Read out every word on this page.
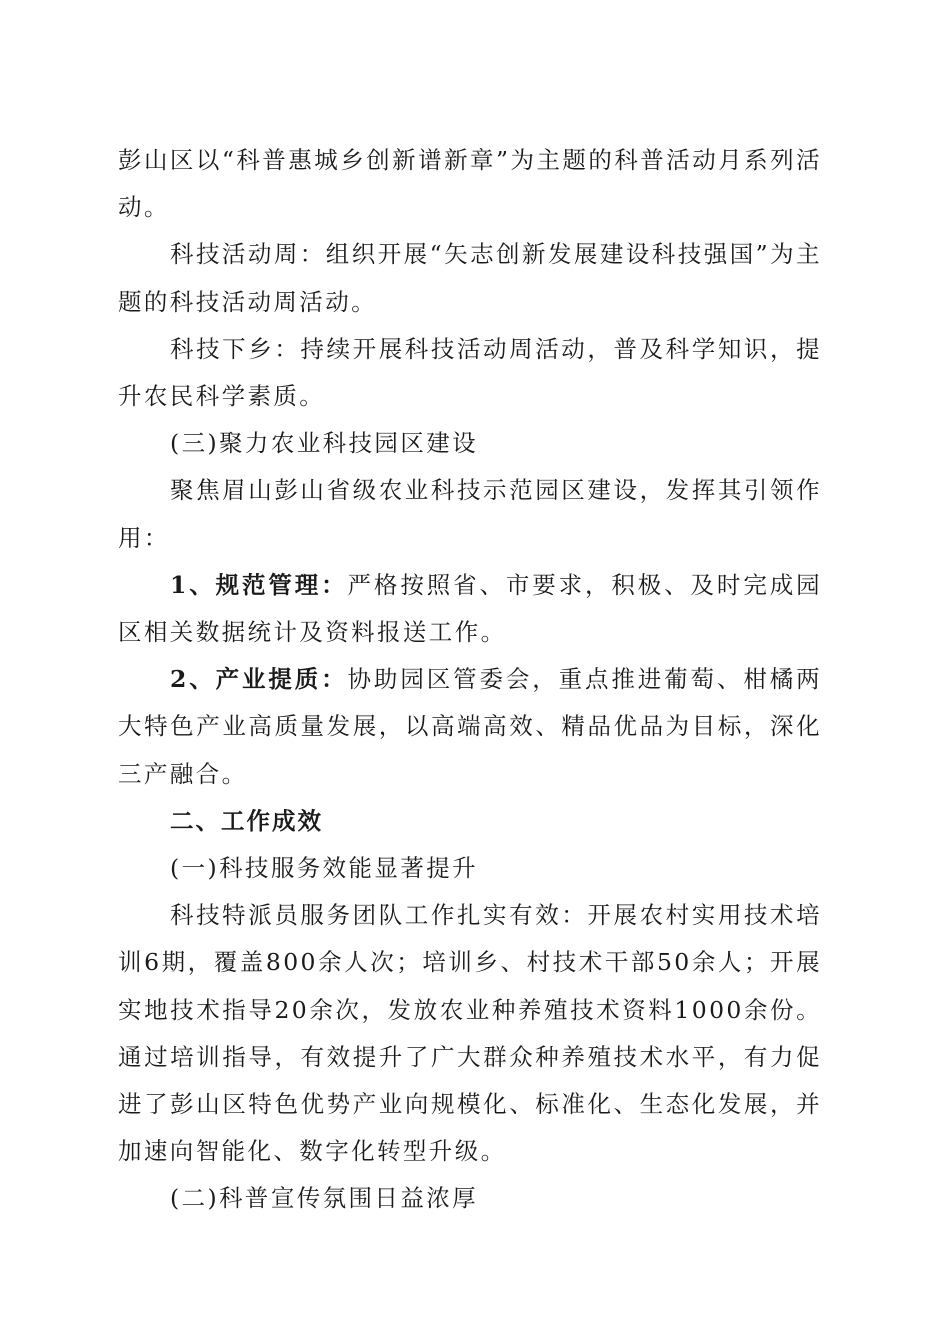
彭山区以“科普惠城乡创新谱新章”为主题的科普活动月系列活动。

科技活动周：组织开展“矢志创新发展建设科技强国”为主题的科技活动周活动。

科技下乡：持续开展科技活动周活动，普及科学知识，提升农民科学素质。

(三)聚力农业科技园区建设

聚焦眉山彭山省级农业科技示范园区建设，发挥其引领作用：

1、规范管理：严格按照省、市要求，积极、及时完成园区相关数据统计及资料报送工作。

2、产业提质：协助园区管委会，重点推进葡萄、柑橘两大特色产业高质量发展，以高端高效、精品优品为目标，深化三产融合。

二、工作成效

(一)科技服务效能显著提升

科技特派员服务团队工作扎实有效：开展农村实用技术培训6期，覆盖800余人次；培训乡、村技术干部50余人；开展实地技术指导20余次，发放农业种养殖技术资料1000余份。通过培训指导，有效提升了广大群众种养殖技术水平，有力促进了彭山区特色优势产业向规模化、标准化、生态化发展，并加速向智能化、数字化转型升级。

(二)科普宣传氛围日益浓厚
